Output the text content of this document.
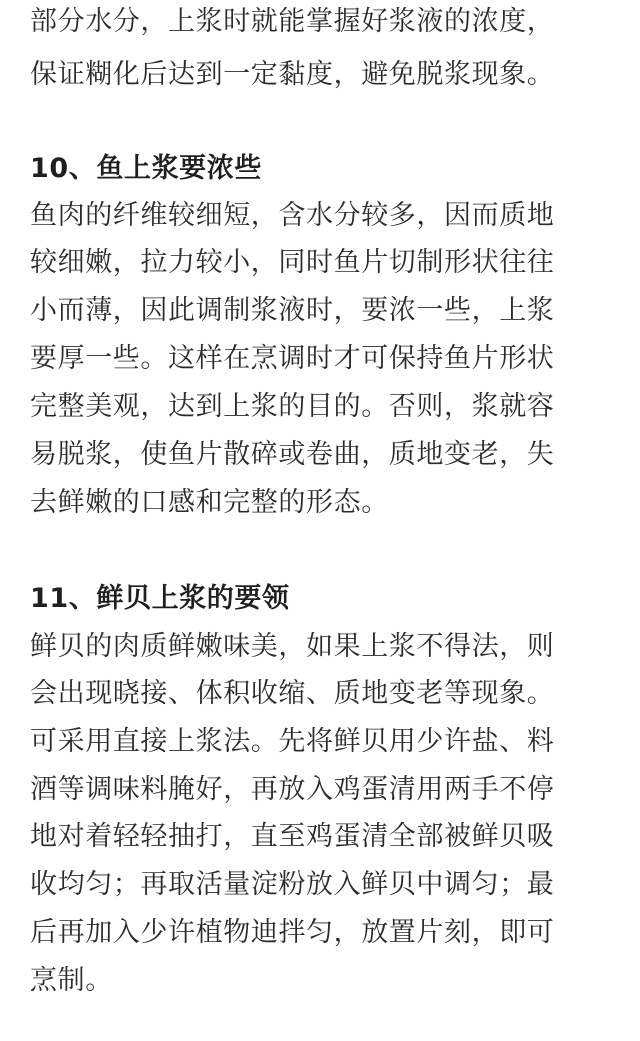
部分水分，上浆时就能掌握好浆液的浓度，
保证糊化后达到一定黏度，避免脱浆现象。
10、鱼上浆要浓些
鱼肉的纤维较细短，含水分较多，因而质地
较细嫩，拉力较小，同时鱼片切制形状往往
小而薄，因此调制浆液时，要浓一些，上浆
要厚一些。这样在烹调时才可保持鱼片形状
完整美观，达到上浆的目的。否则，浆就容
易脱浆，使鱼片散碎或卷曲，质地变老，失
去鲜嫩的口感和完整的形态。
11、鲜贝上浆的要领
鲜贝的肉质鲜嫩味美，如果上浆不得法，则
会出现晓接、体积收缩、质地变老等现象。
可采用直接上浆法。先将鲜贝用少许盐、料
酒等调味料腌好，再放入鸡蛋清用两手不停
地对着轻轻抽打，直至鸡蛋清全部被鲜贝吸
收均匀；再取活量淀粉放入鲜贝中调匀；最
后再加入少许植物迪拌匀，放置片刻，即可
烹制。
